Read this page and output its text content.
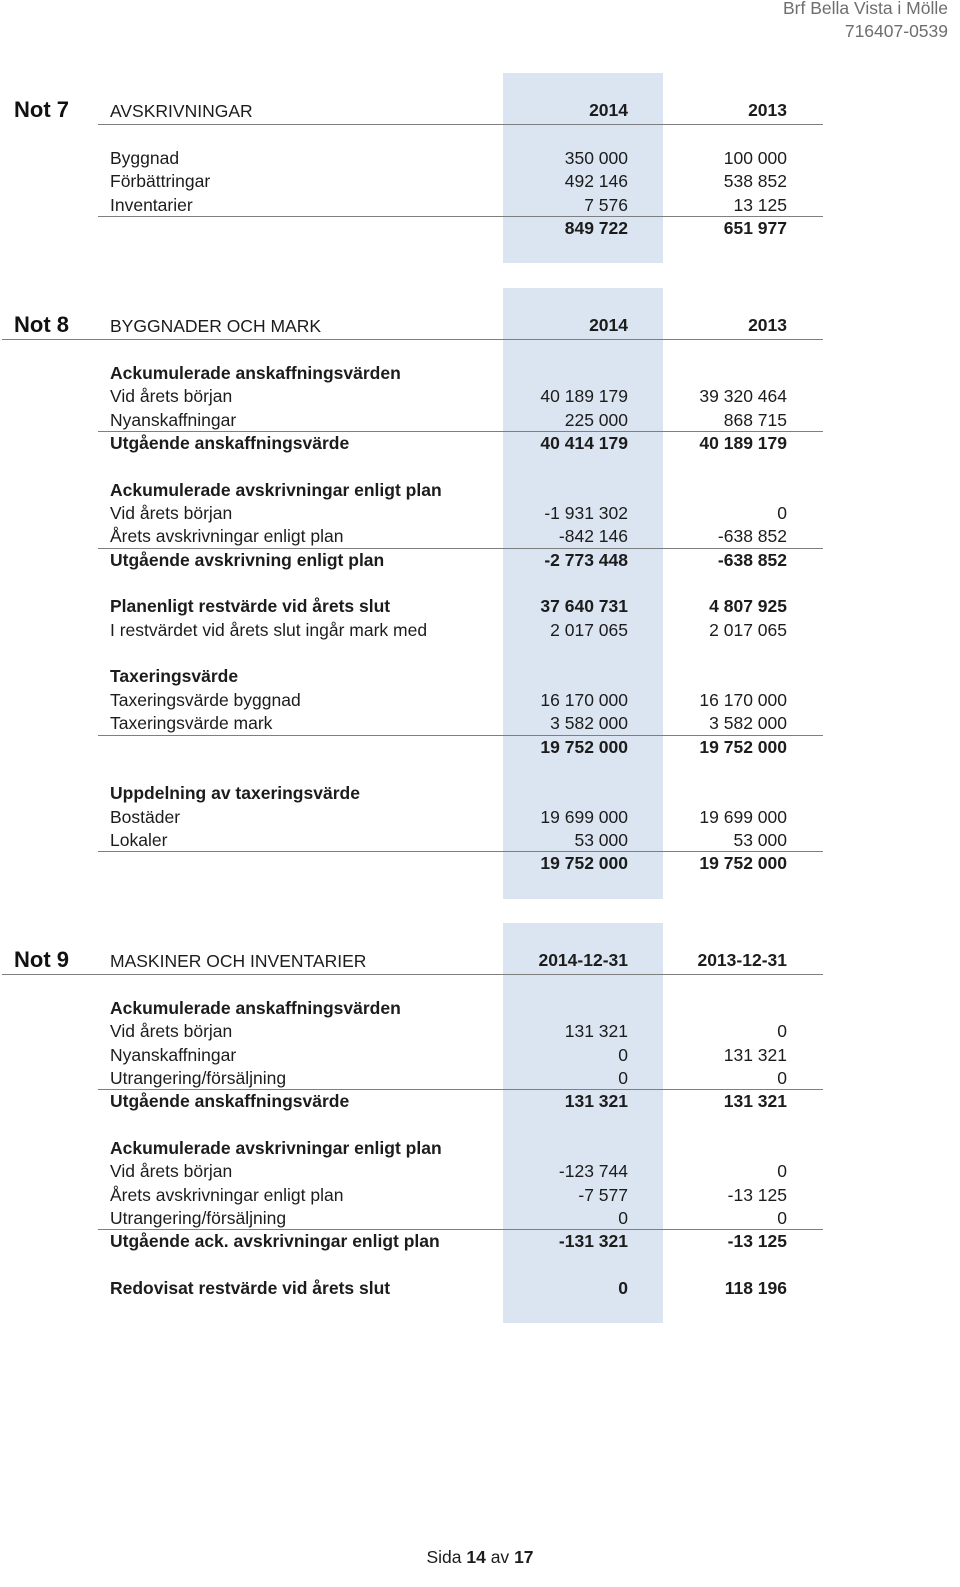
Brf Bella Vista i Mölle
716407-0539
Not 7 AVSKRIVNINGAR	2014	2013
Byggnad	350 000	100 000
Förbättringar	492 146	538 852
Inventarier	7 576	13 125
849 722	651 977
Not 8 BYGGNADER OCH MARK	2014	2013
Ackumulerade anskaffningsvärden
Vid årets början	40 189 179	39 320 464
Nyanskaffningar	225 000	868 715
Utgående anskaffningsvärde	40 414 179	40 189 179
Ackumulerade avskrivningar enligt plan
Vid årets början	-1 931 302	0
Årets avskrivningar enligt plan	-842 146	-638 852
Utgående avskrivning enligt plan	-2 773 448	-638 852
Planenligt restvärde vid årets slut	37 640 731	4 807 925
I restvärdet vid årets slut ingår mark med	2 017 065	2 017 065
Taxeringsvärde
Taxeringsvärde byggnad	16 170 000	16 170 000
Taxeringsvärde mark	3 582 000	3 582 000
19 752 000	19 752 000
Uppdelning av taxeringsvärde
Bostäder	19 699 000	19 699 000
Lokaler	53 000	53 000
19 752 000	19 752 000
Not 9 MASKINER OCH INVENTARIER	2014-12-31	2013-12-31
Ackumulerade anskaffningsvärden
Vid årets början	131 321	0
Nyanskaffningar	0	131 321
Utrangering/försäljning	0	0
Utgående anskaffningsvärde	131 321	131 321
Ackumulerade avskrivningar enligt plan
Vid årets början	-123 744	0
Årets avskrivningar enligt plan	-7 577	-13 125
Utrangering/försäljning	0	0
Utgående ack. avskrivningar enligt plan	-131 321	-13 125
Redovisat restvärde vid årets slut	0	118 196
Sida 14 av 17
